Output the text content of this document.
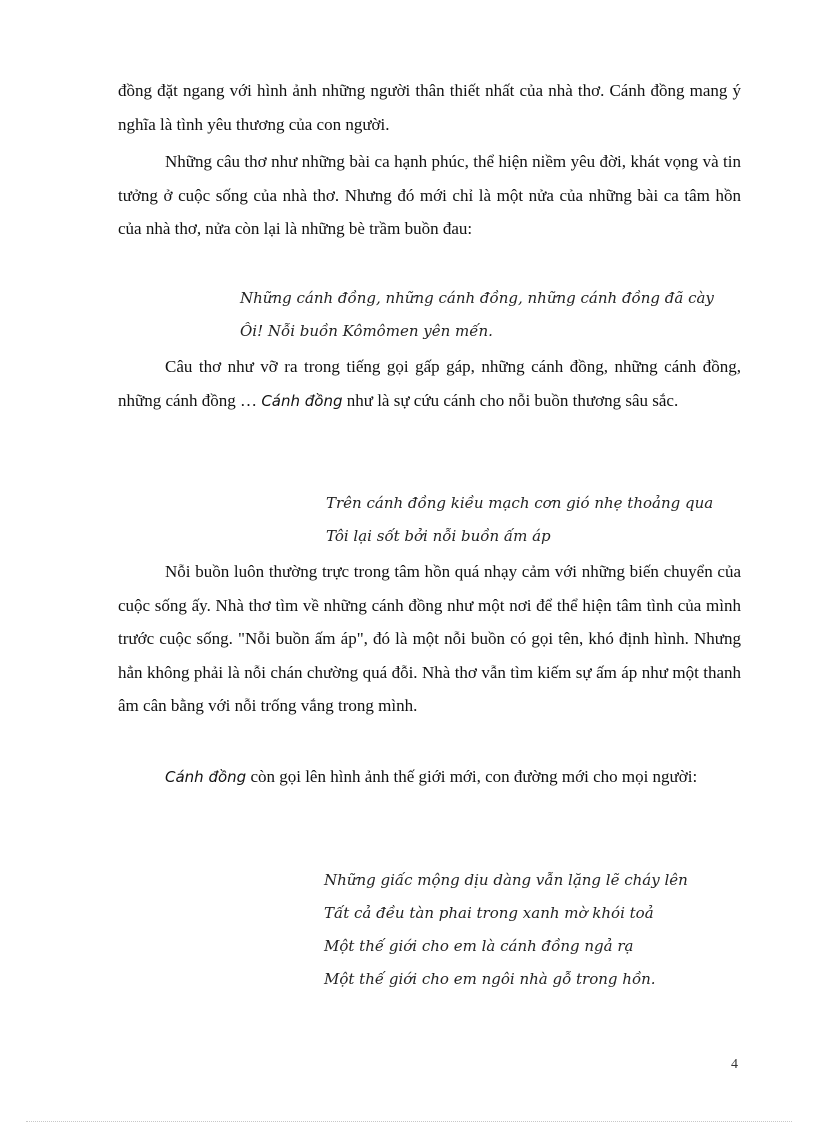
đồng đặt ngang với hình ảnh những người thân thiết nhất của nhà thơ. Cánh đồng mang ý nghĩa là tình yêu thương của con người.

Những câu thơ như những bài ca hạnh phúc, thể hiện niềm yêu đời, khát vọng và tin tưởng ở cuộc sống của nhà thơ. Nhưng đó mới chỉ là một nửa của những bài ca tâm hồn của nhà thơ, nửa còn lại là những bè trầm buồn đau:

Những cánh đồng, những cánh đồng, những cánh đồng đã cày
Ôi! Nỗi buồn Kômômen yên mến.

Câu thơ như vỡ ra trong tiếng gọi gấp gáp, những cánh đồng, những cánh đồng, những cánh đồng … Cánh đồng như là sự cứu cánh cho nỗi buồn thương sâu sắc.

Trên cánh đồng kiều mạch cơn gió nhẹ thoảng qua
Tôi lại sốt bởi nỗi buồn ấm áp

Nỗi buồn luôn thường trực trong tâm hồn quá nhạy cảm với những biến chuyển của cuộc sống ấy. Nhà thơ tìm về những cánh đồng như một nơi để thể hiện tâm tình của mình trước cuộc sống. "Nỗi buồn ấm áp", đó là một nỗi buồn có gọi tên, khó định hình. Nhưng hẳn không phải là nỗi chán chường quá đỗi. Nhà thơ vẫn tìm kiếm sự ấm áp như một thanh âm cân bằng với nỗi trống vắng trong mình.

Cánh đồng còn gọi lên hình ảnh thế giới mới, con đường mới cho mọi người:

Những giấc mộng dịu dàng vẫn lặng lẽ cháy lên
Tất cả đều tàn phai trong xanh mờ khói toả
Một thế giới cho em là cánh đồng ngả rạ
Một thế giới cho em ngôi nhà gỗ trong hồn.
4
